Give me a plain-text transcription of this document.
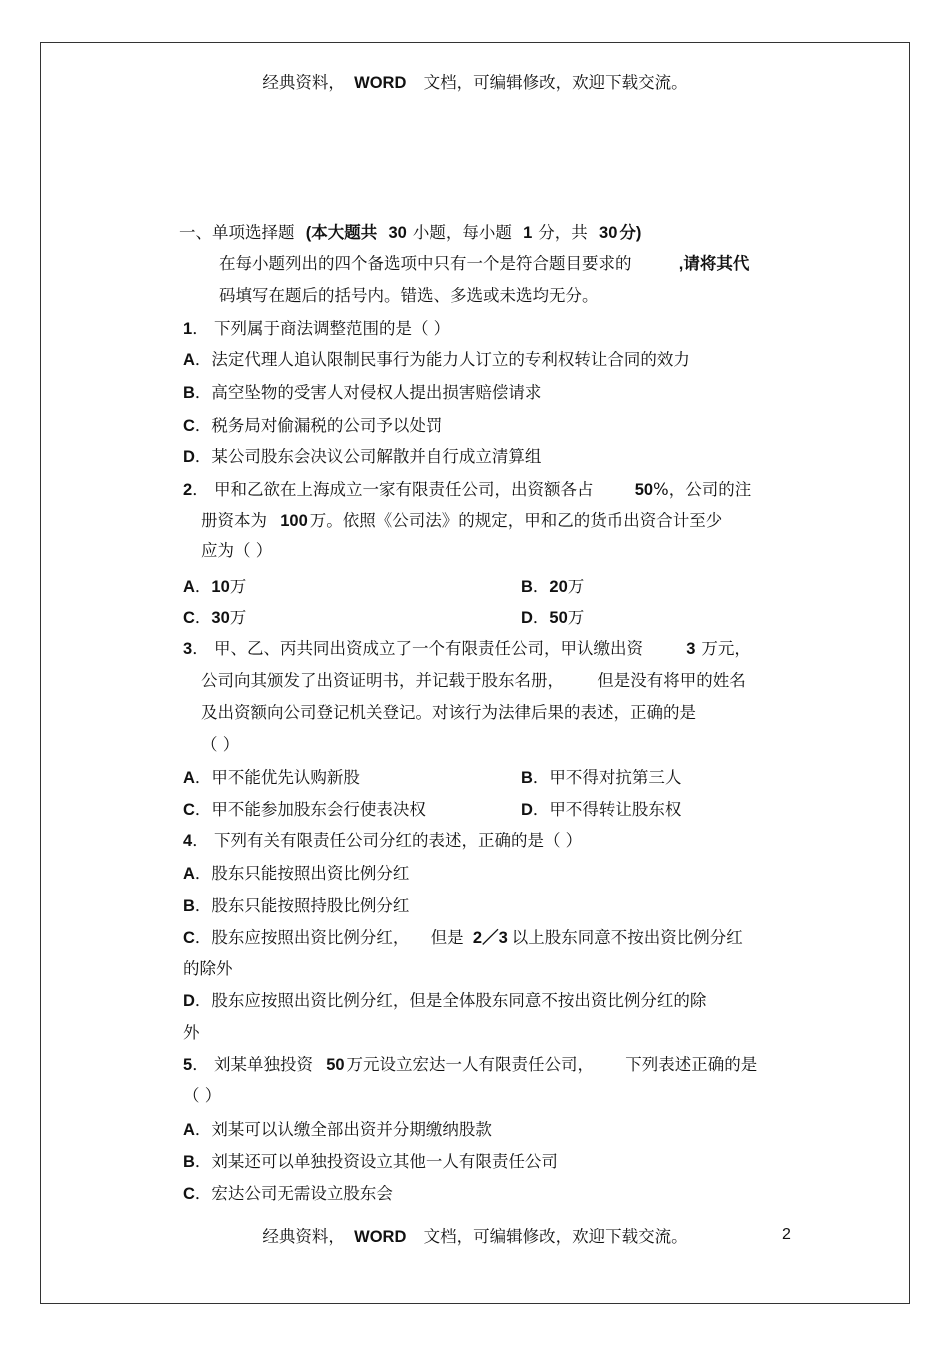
经典资料， WORD 文档，可编辑修改，欢迎下载交流。
一、单项选择题 (本大题共 30 小题，每小题 1 分，共 30 分)
在每小题列出的四个备选项中只有一个是符合题目要求的	,请将其代
码填写在题后的括号内。错选、多选或未选均无分。
1． 下列属于商法调整范围的是（ ）
A．法定代理人追认限制民事行为能力人订立的专利权转让合同的效力
B．高空坠物的受害人对侵权人提出损害赔偿请求
C．税务局对偷漏税的公司予以处罚
D．某公司股东会决议公司解散并自行成立清算组
2． 甲和乙欲在上海成立一家有限责任公司，出资额各占	50%，公司的注
册资本为 100 万。依照《公司法》的规定，甲和乙的货币出资合计至少
应为（ ）
A．10万	B．20万
C．30万	D．50万
3． 甲、乙、丙共同出资成立了一个有限责任公司，甲认缴出资	3 万元，
公司向其颁发了出资证明书，并记载于股东名册， 但是没有将甲的姓名
及出资额向公司登记机关登记。对该行为法律后果的表述，正确的是
（ ）
A．甲不能优先认购新股	B．甲不得对抗第三人
C．甲不能参加股东会行使表决权	D．甲不得转让股东权
4． 下列有关有限责任公司分红的表述，正确的是（ ）
A．股东只能按照出资比例分红
B．股东只能按照持股比例分红
C．股东应按照出资比例分红， 但是 2／3 以上股东同意不按出资比例分红
的除外
D．股东应按照出资比例分红，但是全体股东同意不按出资比例分红的除
外
5． 刘某单独投资 50 万元设立宏达一人有限责任公司， 下列表述正确的是
（ ）
A．刘某可以认缴全部出资并分期缴纳股款
B．刘某还可以单独投资设立其他一人有限责任公司
C．宏达公司无需设立股东会
经典资料， WORD 文档，可编辑修改，欢迎下载交流。	2
